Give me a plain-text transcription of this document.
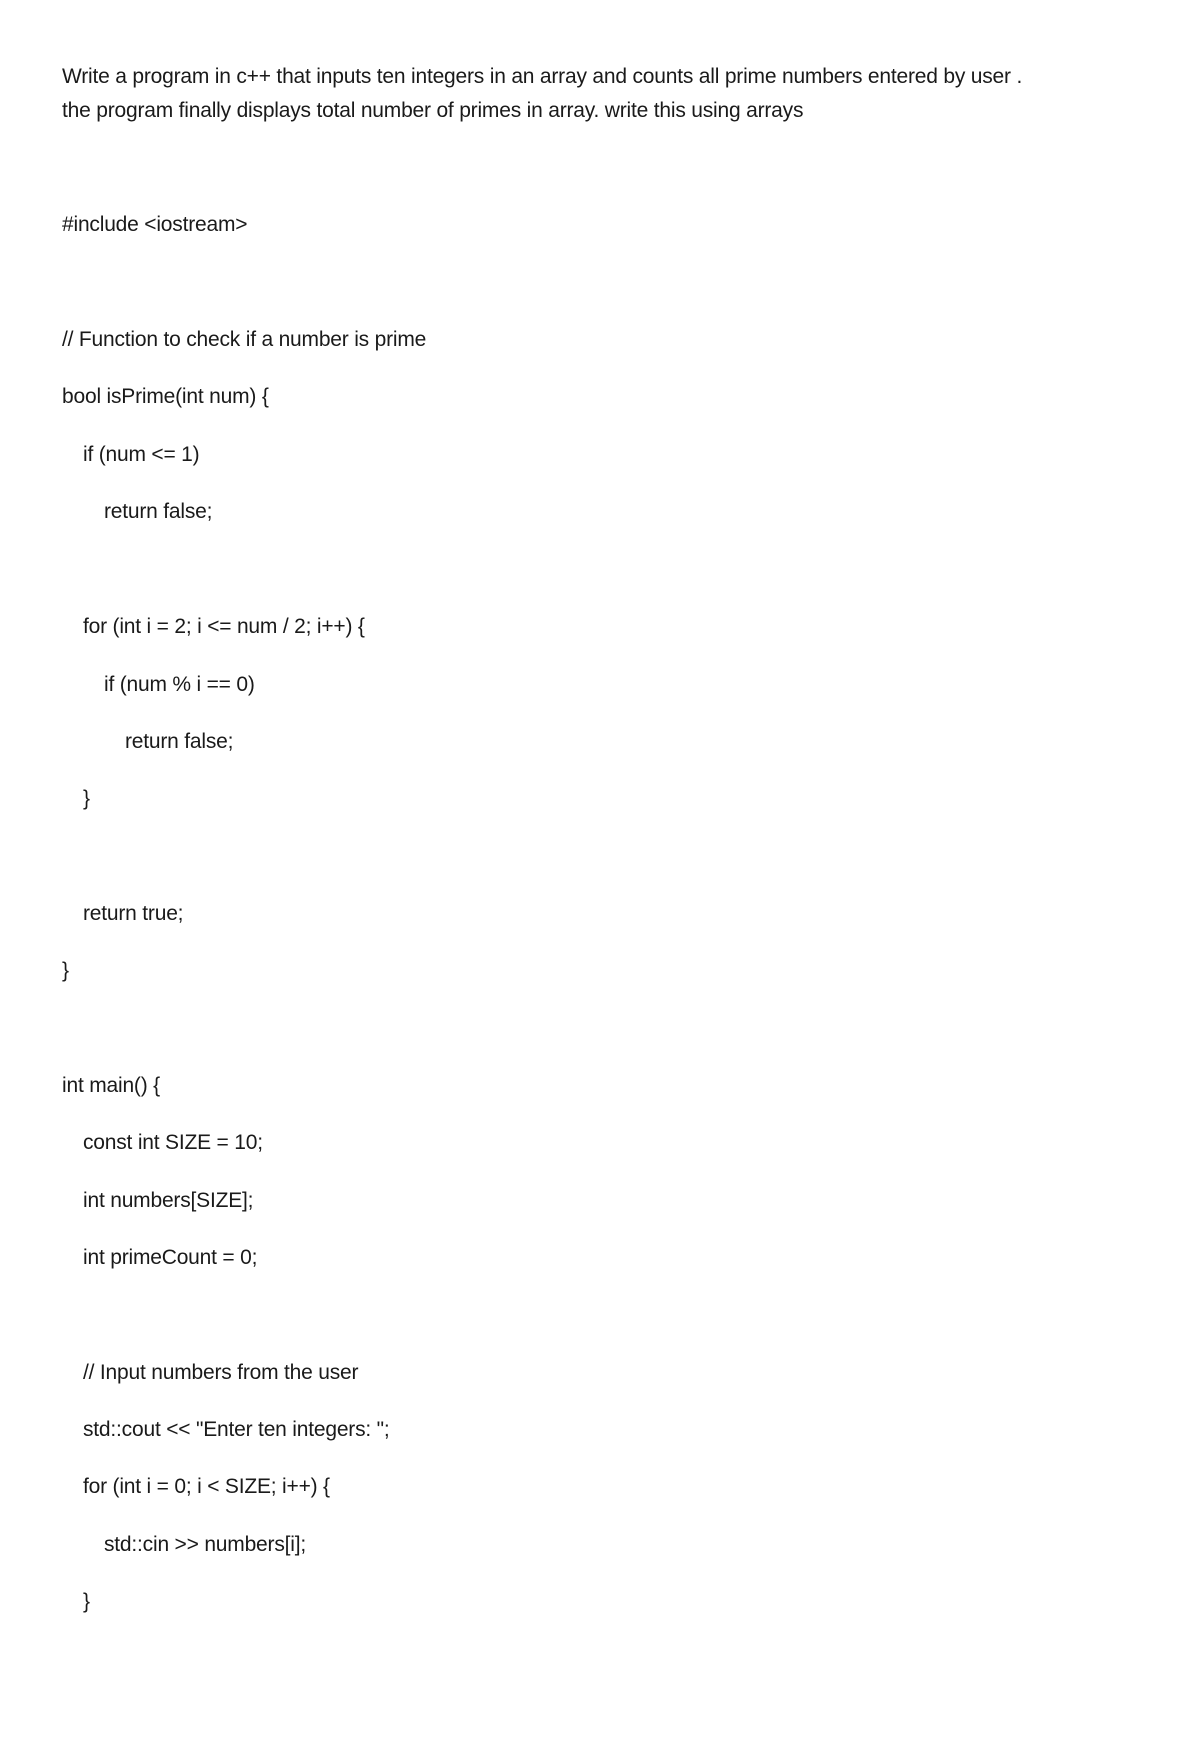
Write a program in c++ that inputs ten integers in an array and counts all prime numbers entered by user .
the program finally displays total number of primes in array. write this using arrays
#include <iostream>
// Function to check if a number is prime
bool isPrime(int num) {
if (num <= 1)
return false;
for (int i = 2; i <= num / 2; i++) {
if (num % i == 0)
return false;
}
return true;
}
int main() {
const int SIZE = 10;
int numbers[SIZE];
int primeCount = 0;
// Input numbers from the user
std::cout << "Enter ten integers: ";
for (int i = 0; i < SIZE; i++) {
std::cin >> numbers[i];
}
